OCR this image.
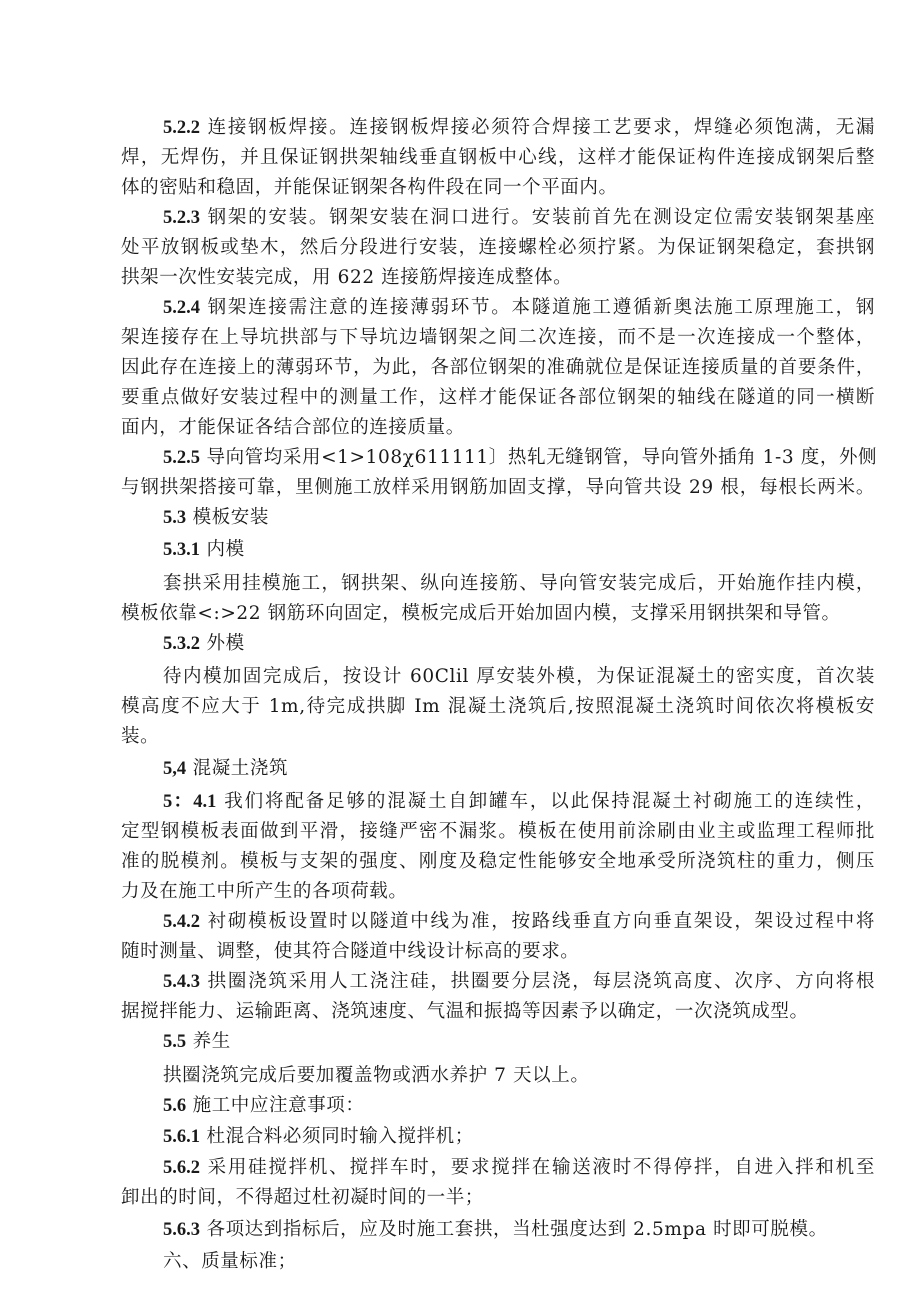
5.2.2 连接钢板焊接。连接钢板焊接必须符合焊接工艺要求，焊缝必须饱满，无漏
焊，无焊伤，并且保证钢拱架轴线垂直钢板中心线，这样才能保证构件连接成钢架后整
体的密贴和稳固，并能保证钢架各构件段在同一个平面内。
5.2.3 钢架的安装。钢架安装在洞口进行。安装前首先在测设定位需安装钢架基座
处平放钢板或垫木，然后分段进行安装，连接螺栓必须拧紧。为保证钢架稳定，套拱钢
拱架一次性安装完成，用 622 连接筋焊接连成整体。
5.2.4 钢架连接需注意的连接薄弱环节。本隧道施工遵循新奥法施工原理施工，钢
架连接存在上导坑拱部与下导坑边墙钢架之间二次连接，而不是一次连接成一个整体，
因此存在连接上的薄弱环节，为此，各部位钢架的准确就位是保证连接质量的首要条件，
要重点做好安装过程中的测量工作，这样才能保证各部位钢架的轴线在隧道的同一横断
面内，才能保证各结合部位的连接质量。
5.2.5 导向管均采用<1>108χ611111〕热轧无缝钢管，导向管外插角 1-3 度，外侧
与钢拱架搭接可靠，里侧施工放样采用钢筋加固支撑，导向管共设 29 根，每根长两米。
5.3 模板安装
5.3.1 内模
套拱采用挂模施工，钢拱架、纵向连接筋、导向管安装完成后，开始施作挂内模，
模板依靠<:>22 钢筋环向固定，模板完成后开始加固内模，支撑采用钢拱架和导管。
5.3.2 外模
待内模加固完成后，按设计 60Clil 厚安装外模，为保证混凝土的密实度，首次装
模高度不应大于 1m,待完成拱脚 Im 混凝土浇筑后,按照混凝土浇筑时间依次将模板安
装。
5,4 混凝土浇筑
5：4.1 我们将配备足够的混凝土自卸罐车，以此保持混凝土衬砌施工的连续性，
定型钢模板表面做到平滑，接缝严密不漏浆。模板在使用前涂刷由业主或监理工程师批
准的脱模剂。模板与支架的强度、刚度及稳定性能够安全地承受所浇筑柱的重力，侧压
力及在施工中所产生的各项荷载。
5.4.2 衬砌模板设置时以隧道中线为准，按路线垂直方向垂直架设，架设过程中将
随时测量、调整，使其符合隧道中线设计标高的要求。
5.4.3 拱圈浇筑采用人工浇注硅，拱圈要分层浇，每层浇筑高度、次序、方向将根
据搅拌能力、运输距离、浇筑速度、气温和振捣等因素予以确定，一次浇筑成型。
5.5 养生
拱圈浇筑完成后要加覆盖物或洒水养护 7 天以上。
5.6 施工中应注意事项：
5.6.1 杜混合料必须同时输入搅拌机；
5.6.2 采用硅搅拌机、搅拌车时，要求搅拌在输送液时不得停拌，自进入拌和机至
卸出的时间，不得超过杜初凝时间的一半；
5.6.3 各项达到指标后，应及时施工套拱，当杜强度达到 2.5mpa 时即可脱模。
六、质量标准；
